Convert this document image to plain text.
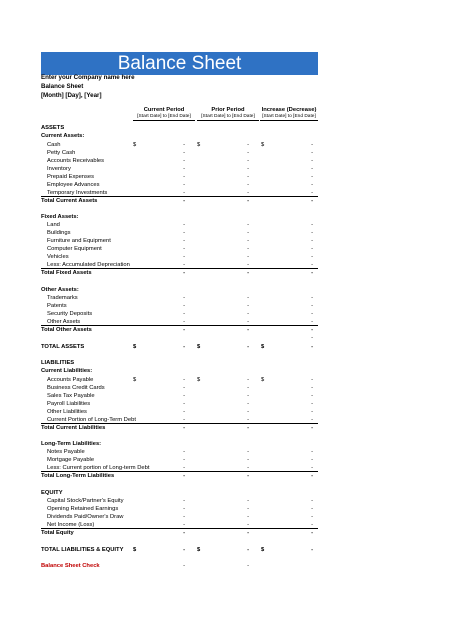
Balance Sheet
Enter your Company name here
Balance Sheet
[Month] [Day], [Year]
Current Period
[Start Date] to [End Date]
Prior Period
[Start Date] to [End Date]
Increase (Decrease)
[Start Date] to [End Date]
ASSETS
Current Assets:
Cash	$	- $	- $	-
Petty Cash	-	-	-
Accounts Receivables	-	-	-
Inventory	-	-	-
Prepaid Expenses	-	-	-
Employee Advances	-	-	-
Temporary Investments	-	-	-
Total Current Assets	-	-	-
Fixed Assets:
Land	-	-	-
Buildings	-	-	-
Furniture and Equipment	-	-	-
Computer Equipment	-	-	-
Vehicles	-	-	-
Less: Accumulated Depreciation	-	-	-
Total Fixed Assets	-	-	-
Other Assets:
Trademarks	-	-	-
Patents	-	-	-
Security Deposits	-	-	-
Other Assets	-	-	-
Total Other Assets	-	-	-
-
TOTAL ASSETS	$	- $	- $	-
LIABILITIES
Current Liabilities:
Accounts Payable	$	- $	- $	-
Business Credit Cards	-	-	-
Sales Tax Payable	-	-	-
Payroll Liabilities	-	-	-
Other Liabilities	-	-	-
Current Portion of Long-Term Debt	-	-	-
Total Current Liabilities	-	-	-
Long-Term Liabilities:
Notes Payable	-	-	-
Mortgage Payable	-	-	-
Less: Current portion of Long-term Debt	-	-	-
Total Long-Term Liabilities	-	-	-
EQUITY
Capital Stock/Partner's Equity	-	-	-
Opening Retained Earnings	-	-	-
Dividends Paid/Owner's Draw	-	-	-
Net Income (Loss)	-	-	-
Total Equity	-	-	-
TOTAL LIABILITIES & EQUITY	$	- $	- $	-
Balance Sheet Check	-	-
